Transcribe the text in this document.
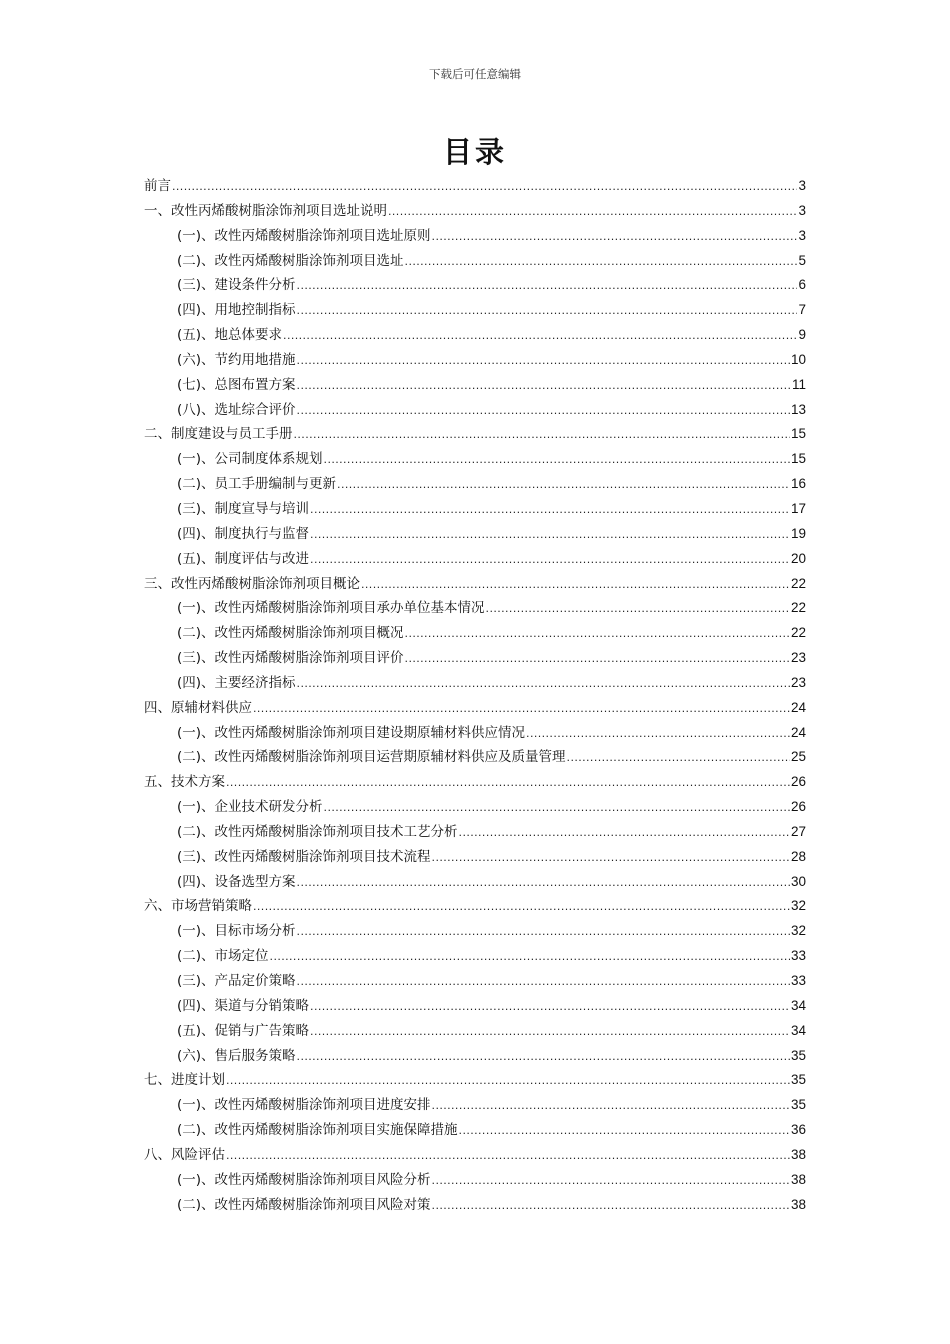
下载后可任意编辑
目录
前言 .....	3
一、改性丙烯酸树脂涂饰剂项目选址说明 .....	3
(一)、改性丙烯酸树脂涂饰剂项目选址原则 .....	3
(二)、改性丙烯酸树脂涂饰剂项目选址 .....	5
(三)、建设条件分析 .....	6
(四)、用地控制指标 .....	7
(五)、地总体要求 .....	9
(六)、节约用地措施 .....	10
(七)、总图布置方案 .....	11
(八)、选址综合评价 .....	13
二、制度建设与员工手册 .....	15
(一)、公司制度体系规划 .....	15
(二)、员工手册编制与更新 .....	16
(三)、制度宣导与培训 .....	17
(四)、制度执行与监督 .....	19
(五)、制度评估与改进 .....	20
三、改性丙烯酸树脂涂饰剂项目概论 .....	22
(一)、改性丙烯酸树脂涂饰剂项目承办单位基本情况 .....	22
(二)、改性丙烯酸树脂涂饰剂项目概况 .....	22
(三)、改性丙烯酸树脂涂饰剂项目评价 .....	23
(四)、主要经济指标 .....	23
四、原辅材料供应 .....	24
(一)、改性丙烯酸树脂涂饰剂项目建设期原辅材料供应情况 .....	24
(二)、改性丙烯酸树脂涂饰剂项目运营期原辅材料供应及质量管理 .....	25
五、技术方案 .....	26
(一)、企业技术研发分析 .....	26
(二)、改性丙烯酸树脂涂饰剂项目技术工艺分析 .....	27
(三)、改性丙烯酸树脂涂饰剂项目技术流程 .....	28
(四)、设备选型方案 .....	30
六、市场营销策略 .....	32
(一)、目标市场分析 .....	32
(二)、市场定位 .....	33
(三)、产品定价策略 .....	33
(四)、渠道与分销策略 .....	34
(五)、促销与广告策略 .....	34
(六)、售后服务策略 .....	35
七、进度计划 .....	35
(一)、改性丙烯酸树脂涂饰剂项目进度安排 .....	35
(二)、改性丙烯酸树脂涂饰剂项目实施保障措施 .....	36
八、风险评估 .....	38
(一)、改性丙烯酸树脂涂饰剂项目风险分析 .....	38
(二)、改性丙烯酸树脂涂饰剂项目风险对策 .....	38
